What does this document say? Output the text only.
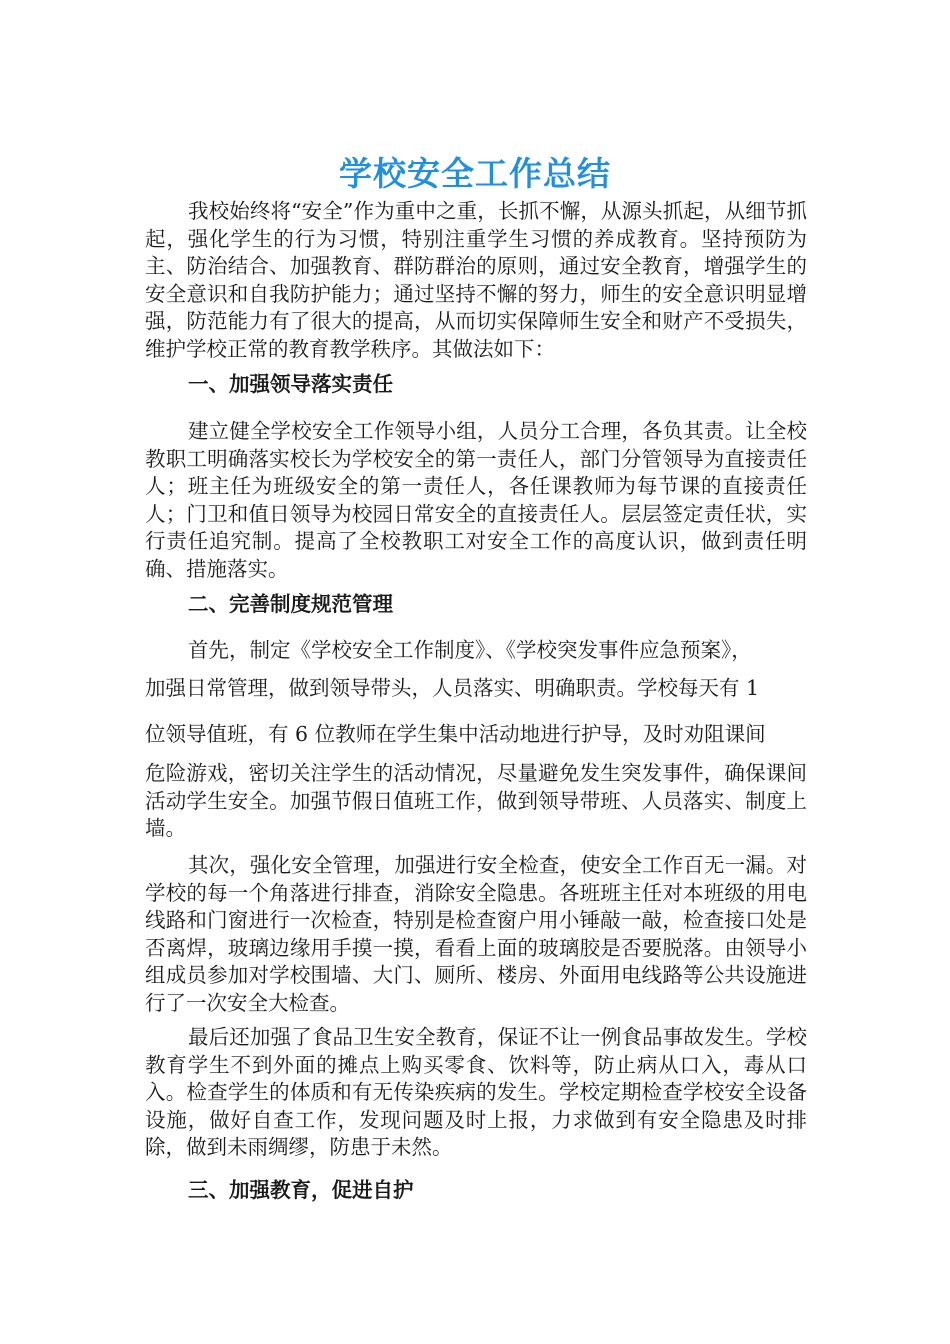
学校安全工作总结

我校始终将“安全”作为重中之重，长抓不懈，从源头抓起，从细节抓起，强化学生的行为习惯，特别注重学生习惯的养成教育。坚持预防为主、防治结合、加强教育、群防群治的原则，通过安全教育，增强学生的安全意识和自我防护能力；通过坚持不懈的努力，师生的安全意识明显增强，防范能力有了很大的提高，从而切实保障师生安全和财产不受损失，维护学校正常的教育教学秩序。其做法如下：

一、加强领导落实责任

建立健全学校安全工作领导小组，人员分工合理，各负其责。让全校教职工明确落实校长为学校安全的第一责任人，部门分管领导为直接责任人；班主任为班级安全的第一责任人，各任课教师为每节课的直接责任人；门卫和值日领导为校园日常安全的直接责任人。层层签定责任状，实行责任追究制。提高了全校教职工对安全工作的高度认识，做到责任明确、措施落实。

二、完善制度规范管理

首先，制定《学校安全工作制度》、《学校突发事件应急预案》，

加强日常管理，做到领导带头，人员落实、明确职责。学校每天有 1

位领导值班，有 6 位教师在学生集中活动地进行护导，及时劝阻课间

危险游戏，密切关注学生的活动情况，尽量避免发生突发事件，确保课间活动学生安全。加强节假日值班工作，做到领导带班、人员落实、制度上墙。

其次，强化安全管理，加强进行安全检查，使安全工作百无一漏。对学校的每一个角落进行排查，消除安全隐患。各班班主任对本班级的用电线路和门窗进行一次检查，特别是检查窗户用小锤敲一敲，检查接口处是否离焊，玻璃边缘用手摸一摸，看看上面的玻璃胶是否要脱落。由领导小组成员参加对学校围墙、大门、厕所、楼房、外面用电线路等公共设施进行了一次安全大检查。

最后还加强了食品卫生安全教育，保证不让一例食品事故发生。学校教育学生不到外面的摊点上购买零食、饮料等，防止病从口入，毒从口入。检查学生的体质和有无传染疾病的发生。学校定期检查学校安全设备设施，做好自查工作，发现问题及时上报，力求做到有安全隐患及时排除，做到未雨绸缪，防患于未然。

三、加强教育，促进自护
